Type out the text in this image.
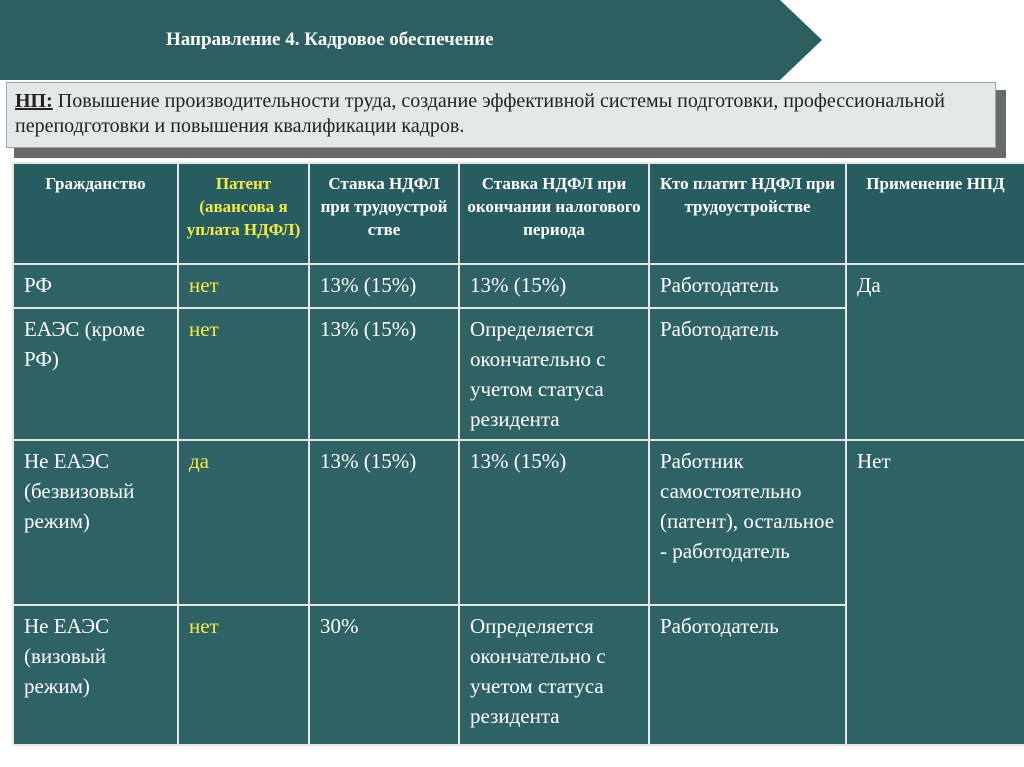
Направление 4. Кадровое обеспечение
НП: Повышение производительности труда, создание эффективной системы подготовки, профессиональной переподготовки и повышения квалификации кадров.
Гражданство	Патент (авансова я уплата НДФЛ)	Ставка НДФЛ при трудоустрой стве	Ставка НДФЛ при окончании налогового периода	Кто платит НДФЛ при трудоустройстве	Применение НПД
РФ	нет	13% (15%)	13% (15%)	Работодатель	Да
ЕАЭС (кроме РФ)	нет	13% (15%)	Определяется окончательно с учетом статуса резидента	Работодатель	
Не ЕАЭС (безвизовый режим)	да	13% (15%)	13% (15%)	Работник самостоятельно (патент), остальное - работодатель	Нет
Не ЕАЭС (визовый режим)	нет	30%	Определяется окончательно с учетом статуса резидента	Работодатель	
